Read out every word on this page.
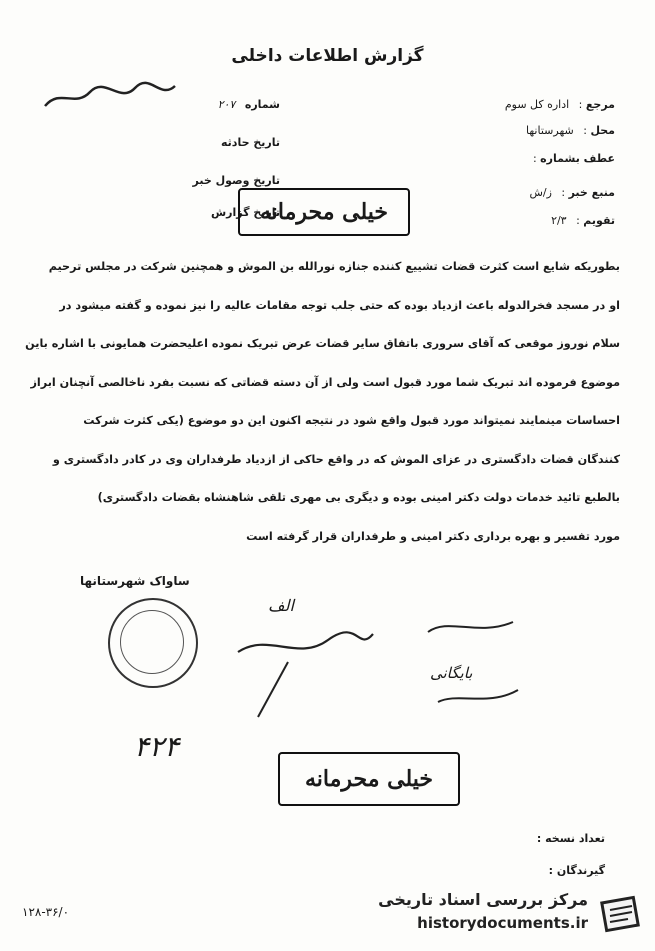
گزارش اطلاعات داخلی
شماره ۲۰۷
تاریخ حادثه
تاریخ وصول خبر
تاریخ گزارش
مرجع : اداره کل سوم
محل : شهرستانها
عطف بشماره :
منبع خبر : ز/ش
تقویم : ۲/۳
خیلی محرمانه
بطوریکه شایع است کثرت قضات تشییع کننده جنازه نورالله بن الموش و همچنین شرکت در مجلس ترحیم
او در مسجد فخرالدوله باعث ازدیاد بوده که حتی جلب توجه مقامات عالیه را نیز نموده و گفته میشود در
سلام نوروز موقعی که آقای سروری باتفاق سایر قضات عرض تبریک نموده اعلیحضرت همایونی با اشاره باین
موضوع فرموده اند تبریک شما مورد قبول است ولی از آن دسته قضاتی که نسبت بفرد ناخالصی آنچنان ابراز
احساسات مینمایند نمیتواند مورد قبول واقع شود در نتیجه اکنون این دو موضوع (یکی کثرت شرکت
کنندگان قضات دادگستری در عزای الموش که در واقع حاکی از ازدیاد طرفداران وی در کادر دادگستری و
بالطبع تائید خدمات دولت دکتر امینی بوده و دیگری بی مهری تلقی شاهنشاه بقضات دادگستری)
مورد تفسیر و بهره برداری دکتر امینی و طرفداران قرار گرفته است
ساواک شهرستانها
الف
بایگانی
۴۲۴
خیلی محرمانه
تعداد نسخه :
گیرندگان :
۱۲۸-۳۶/۰
مرکز بررسی اسناد تاریخی
historydocuments.ir
